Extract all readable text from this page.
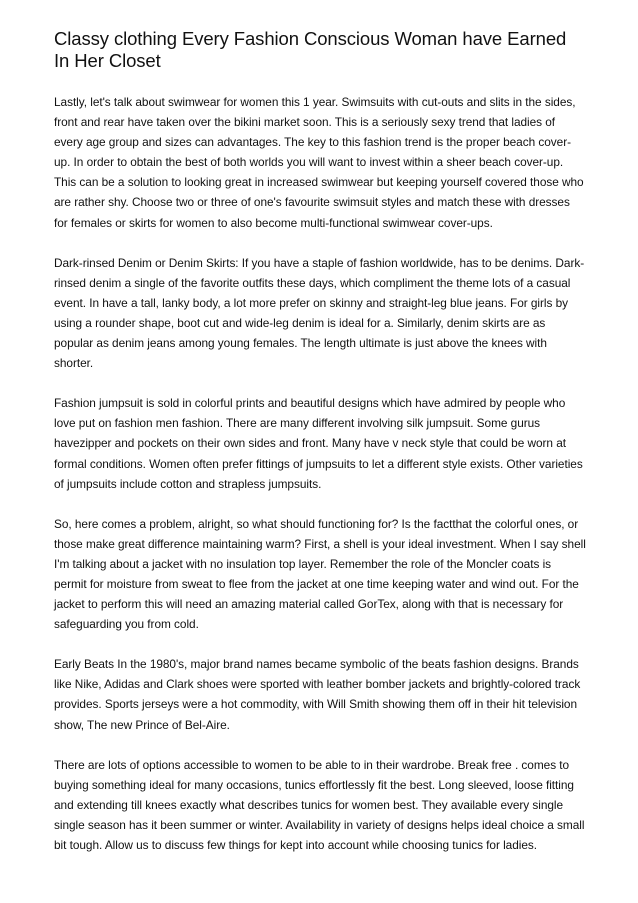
Classy clothing Every Fashion Conscious Woman have Earned In Her Closet

Lastly, let's talk about swimwear for women this 1 year. Swimsuits with cut-outs and slits in the sides, front and rear have taken over the bikini market soon. This is a seriously sexy trend that ladies of every age group and sizes can advantages. The key to this fashion trend is the proper beach cover-up. In order to obtain the best of both worlds you will want to invest within a sheer beach cover-up. This can be a solution to looking great in increased swimwear but keeping yourself covered those who are rather shy. Choose two or three of one's favourite swimsuit styles and match these with dresses for females or skirts for women to also become multi-functional swimwear cover-ups.

Dark-rinsed Denim or Denim Skirts: If you have a staple of fashion worldwide, has to be denims. Dark-rinsed denim a single of the favorite outfits these days, which compliment the theme lots of a casual event. In have a tall, lanky body, a lot more prefer on skinny and straight-leg blue jeans. For girls by using a rounder shape, boot cut and wide-leg denim is ideal for a. Similarly, denim skirts are as popular as denim jeans among young females. The length ultimate is just above the knees with shorter.

Fashion jumpsuit is sold in colorful prints and beautiful designs which have admired by people who love put on fashion men fashion. There are many different involving silk jumpsuit. Some gurus havezipper and pockets on their own sides and front. Many have v neck style that could be worn at formal conditions. Women often prefer fittings of jumpsuits to let a different style exists. Other varieties of jumpsuits include cotton and strapless jumpsuits.

So, here comes a problem, alright, so what should functioning for? Is the factthat the colorful ones, or those make great difference maintaining warm? First, a shell is your ideal investment. When I say shell I'm talking about a jacket with no insulation top layer. Remember the role of the Moncler coats is permit for moisture from sweat to flee from the jacket at one time keeping water and wind out. For the jacket to perform this will need an amazing material called GorTex, along with that is necessary for safeguarding you from cold.

Early Beats In the 1980's, major brand names became symbolic of the beats fashion designs. Brands like Nike, Adidas and Clark shoes were sported with leather bomber jackets and brightly-colored track provides. Sports jerseys were a hot commodity, with Will Smith showing them off in their hit television show, The new Prince of Bel-Aire.

There are lots of options accessible to women to be able to in their wardrobe. Break free . comes to buying something ideal for many occasions, tunics effortlessly fit the best. Long sleeved, loose fitting and extending till knees exactly what describes tunics for women best. They available every single single season has it been summer or winter. Availability in variety of designs helps ideal choice a small bit tough. Allow us to discuss few things for kept into account while choosing tunics for ladies.
